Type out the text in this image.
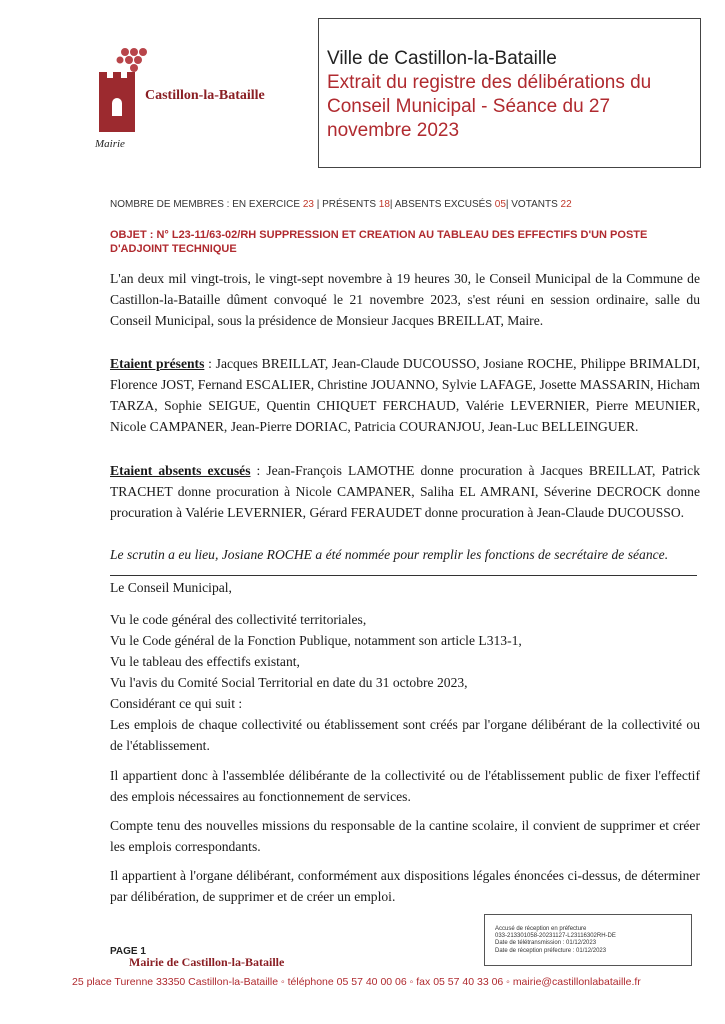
Castillon-la-Bataille
Mairie
Ville de Castillon-la-Bataille
Extrait du registre des délibérations du Conseil Municipal - Séance du 27 novembre 2023
NOMBRE DE MEMBRES : EN EXERCICE 23 | PRÉSENTS 18| ABSENTS EXCUSÉS 05| VOTANTS 22
OBJET : N° L23-11/63-02/RH SUPPRESSION ET CREATION AU TABLEAU DES EFFECTIFS D'UN POSTE D'ADJOINT TECHNIQUE
L'an deux mil vingt-trois, le vingt-sept novembre à 19 heures 30, le Conseil Municipal de la Commune de Castillon-la-Bataille dûment convoqué le 21 novembre 2023, s'est réuni en session ordinaire, salle du Conseil Municipal, sous la présidence de Monsieur Jacques BREILLAT, Maire.
Etaient présents : Jacques BREILLAT, Jean-Claude DUCOUSSO, Josiane ROCHE, Philippe BRIMALDI, Florence JOST, Fernand ESCALIER, Christine JOUANNO, Sylvie LAFAGE, Josette MASSARIN, Hicham TARZA, Sophie SEIGUE, Quentin CHIQUET FERCHAUD, Valérie LEVERNIER, Pierre MEUNIER, Nicole CAMPANER, Jean-Pierre DORIAC, Patricia COURANJOU, Jean-Luc BELLEINGUER.
Etaient absents excusés : Jean-François LAMOTHE donne procuration à Jacques BREILLAT, Patrick TRACHET donne procuration à Nicole CAMPANER, Saliha EL AMRANI, Séverine DECROCK donne procuration à Valérie LEVERNIER, Gérard FERAUDET donne procuration à Jean-Claude DUCOUSSO.
Le scrutin a eu lieu, Josiane ROCHE a été nommée pour remplir les fonctions de secrétaire de séance.
Le Conseil Municipal,
Vu le code général des collectivité territoriales,
Vu le Code général de la Fonction Publique, notamment son article L313-1,
Vu le tableau des effectifs existant,
Vu l'avis du Comité Social Territorial en date du 31 octobre 2023,
Considérant ce qui suit :
Les emplois de chaque collectivité ou établissement sont créés par l'organe délibérant de la collectivité ou de l'établissement.
Il appartient donc à l'assemblée délibérante de la collectivité ou de l'établissement public de fixer l'effectif des emplois nécessaires au fonctionnement de services.
Compte tenu des nouvelles missions du responsable de la cantine scolaire, il convient de supprimer et créer les emplois correspondants.
Il appartient à l'organe délibérant, conformément aux dispositions légales énoncées ci-dessus, de déterminer par délibération, de supprimer et de créer un emploi.
Accusé de réception en préfecture
033-213301058-20231127-L2311630​2RH-DE
Date de télétransmission : 01/12/2023
Date de réception préfecture : 01/12/2023
PAGE 1
Mairie de Castillon-la-Bataille
25 place Turenne 33350 Castillon-la-Bataille ◦ téléphone 05 57 40 00 06 ◦ fax 05 57 40 33 06 ◦ mairie@castillonlabataille.fr
